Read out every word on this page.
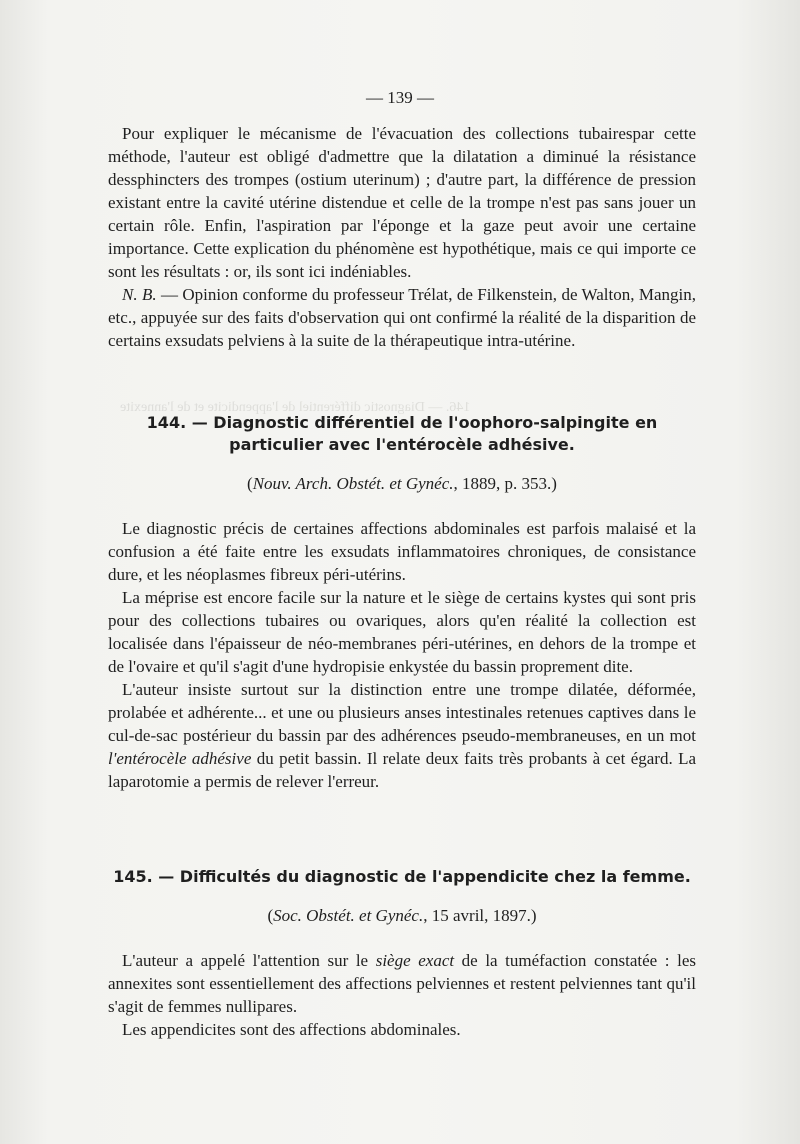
146. — Diagnostic différentiel de l'appendicite et de l'annexite
— 139 —

Pour expliquer le mécanisme de l'évacuation des collections tubairespar cette méthode, l'auteur est obligé d'admettre que la dilatation a diminué la résistance dessphincters des trompes (ostium uterinum) ; d'autre part, la différence de pression existant entre la cavité utérine distendue et celle de la trompe n'est pas sans jouer un certain rôle. Enfin, l'aspiration par l'éponge et la gaze peut avoir une certaine importance. Cette explication du phénomène est hypothétique, mais ce qui importe ce sont les résultats : or, ils sont ici indéniables.

N. B. — Opinion conforme du professeur Trélat, de Filkenstein, de Walton, Mangin, etc., appuyée sur des faits d'observation qui ont confirmé la réalité de la disparition de certains exsudats pelviens à la suite de la thérapeutique intra-utérine.

144. — Diagnostic différentiel de l'oophoro-salpingite en particulier avec l'entérocèle adhésive.
(Nouv. Arch. Obstét. et Gynéc., 1889, p. 353.)

Le diagnostic précis de certaines affections abdominales est parfois malaisé et la confusion a été faite entre les exsudats inflammatoires chroniques, de consistance dure, et les néoplasmes fibreux péri-utérins.

La méprise est encore facile sur la nature et le siège de certains kystes qui sont pris pour des collections tubaires ou ovariques, alors qu'en réalité la collection est localisée dans l'épaisseur de néo-membranes péri-utérines, en dehors de la trompe et de l'ovaire et qu'il s'agit d'une hydropisie enkystée du bassin proprement dite.

L'auteur insiste surtout sur la distinction entre une trompe dilatée, déformée, prolabée et adhérente... et une ou plusieurs anses intestinales retenues captives dans le cul-de-sac postérieur du bassin par des adhérences pseudo-membraneuses, en un mot l'entérocèle adhésive du petit bassin. Il relate deux faits très probants à cet égard. La laparotomie a permis de relever l'erreur.

145. — Difficultés du diagnostic de l'appendicite chez la femme.
(Soc. Obstét. et Gynéc., 15 avril, 1897.)

L'auteur a appelé l'attention sur le siège exact de la tuméfaction constatée : les annexites sont essentiellement des affections pelviennes et restent pelviennes tant qu'il s'agit de femmes nullipares.

Les appendicites sont des affections abdominales.
